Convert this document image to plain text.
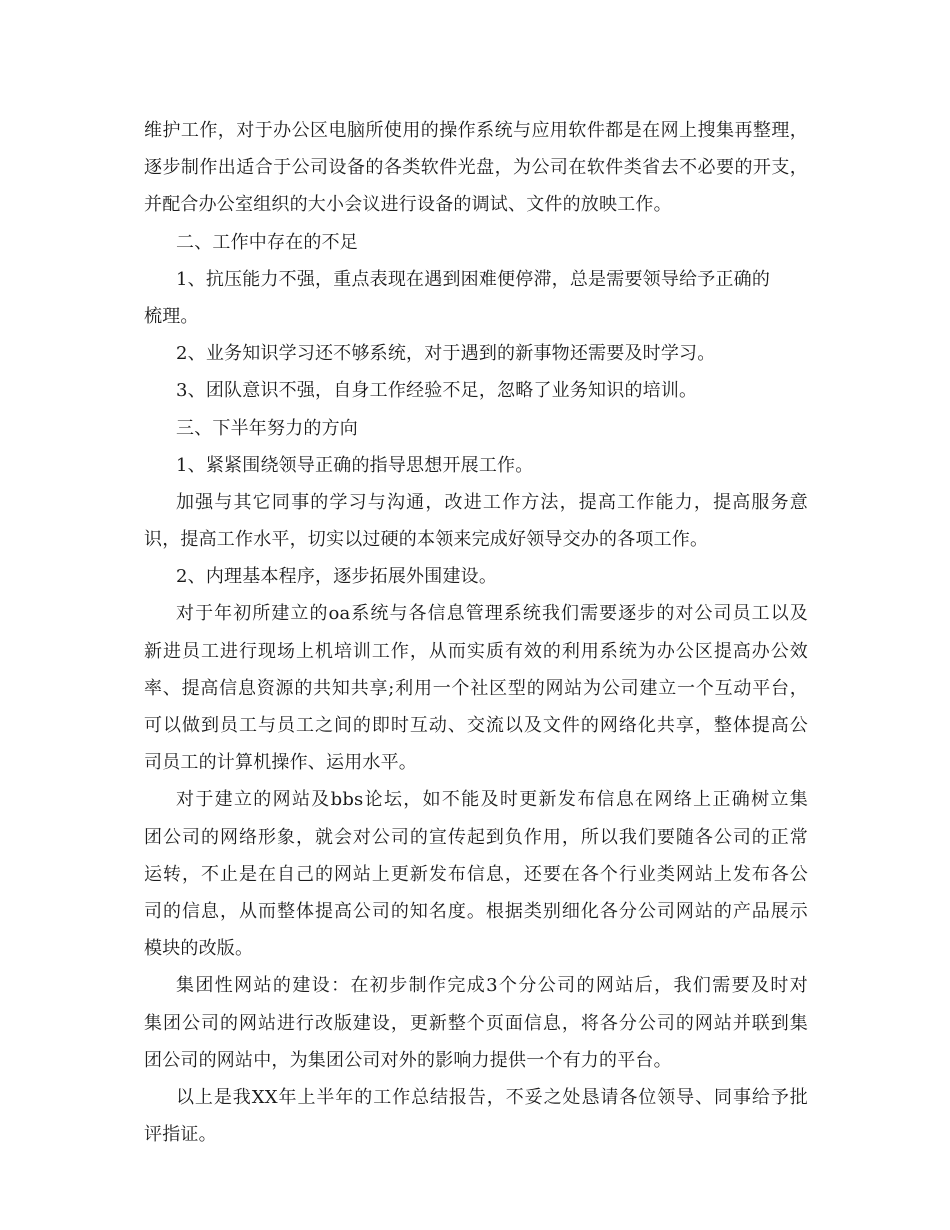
维护工作，对于办公区电脑所使用的操作系统与应用软件都是在网上搜集再整理，
逐步制作出适合于公司设备的各类软件光盘，为公司在软件类省去不必要的开支，
并配合办公室组织的大小会议进行设备的调试、文件的放映工作。
二、工作中存在的不足
1、抗压能力不强，重点表现在遇到困难便停滞，总是需要领导给予正确的
梳理。
2、业务知识学习还不够系统，对于遇到的新事物还需要及时学习。
3、团队意识不强，自身工作经验不足，忽略了业务知识的培训。
三、下半年努力的方向
1、紧紧围绕领导正确的指导思想开展工作。
加强与其它同事的学习与沟通，改进工作方法，提高工作能力，提高服务意
识，提高工作水平，切实以过硬的本领来完成好领导交办的各项工作。
2、内理基本程序，逐步拓展外围建设。
对于年初所建立的oa系统与各信息管理系统我们需要逐步的对公司员工以及
新进员工进行现场上机培训工作，从而实质有效的利用系统为办公区提高办公效
率、提高信息资源的共知共享;利用一个社区型的网站为公司建立一个互动平台，
可以做到员工与员工之间的即时互动、交流以及文件的网络化共享，整体提高公
司员工的计算机操作、运用水平。
对于建立的网站及bbs论坛，如不能及时更新发布信息在网络上正确树立集
团公司的网络形象，就会对公司的宣传起到负作用，所以我们要随各公司的正常
运转，不止是在自己的网站上更新发布信息，还要在各个行业类网站上发布各公
司的信息，从而整体提高公司的知名度。根据类别细化各分公司网站的产品展示
模块的改版。
集团性网站的建设：在初步制作完成3个分公司的网站后，我们需要及时对
集团公司的网站进行改版建设，更新整个页面信息，将各分公司的网站并联到集
团公司的网站中，为集团公司对外的影响力提供一个有力的平台。
以上是我XX年上半年的工作总结报告，不妥之处恳请各位领导、同事给予批
评指证。
